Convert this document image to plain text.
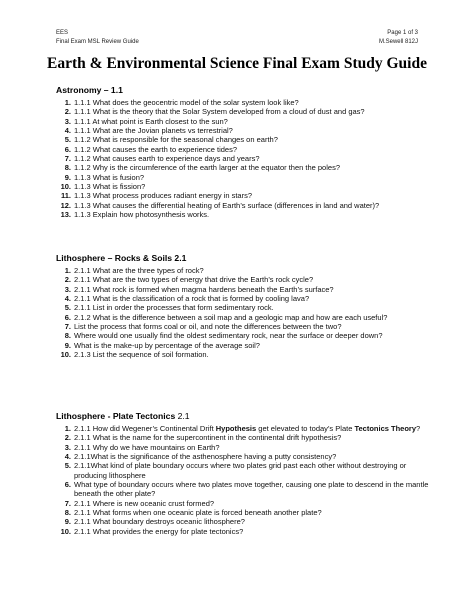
EES
Final Exam MSL Review Guide
Page 1 of 3
M.Sewell 812J
Earth & Environmental Science Final Exam Study Guide
Astronomy – 1.1
1. 1.1.1 What does the geocentric model of the solar system look like?
2. 1.1.1 What is the theory that the Solar System developed from a cloud of dust and gas?
3. 1.1.1 At what point is Earth closest to the sun?
4. 1.1.1 What are the Jovian planets vs terrestrial?
5. 1.1.2 What is responsible for the seasonal changes on earth?
6. 1.1.2 What causes the earth to experience tides?
7. 1.1.2 What causes earth to experience days and years?
8. 1.1.2 Why is the circumference of the earth larger at the equator then the poles?
9. 1.1.3 What is fusion?
10. 1.1.3 What is fission?
11. 1.1.3 What process produces radiant energy in stars?
12. 1.1.3 What causes the differential heating of Earth’s surface (differences in land and water)?
13. 1.1.3 Explain how photosynthesis works.
Lithosphere – Rocks & Soils 2.1
1. 2.1.1 What are the three types of rock?
2. 2.1.1 What are the two types of energy that drive the Earth’s rock cycle?
3. 2.1.1 What rock is formed when magma hardens beneath the Earth’s surface?
4. 2.1.1 What is the classification of a rock that is formed by cooling lava?
5. 2.1.1 List in order the processes that form sedimentary rock.
6. 2.1.2 What is the difference between a soil map and a geologic map and how are each useful?
7. List the process that forms coal or oil, and note the differences between the two?
8. Where would one usually find the oldest sedimentary rock, near the surface or deeper down?
9. What is the make-up by percentage of the average soil?
10. 2.1.3 List the sequence of soil formation.
Lithosphere - Plate Tectonics 2.1
1. 2.1.1 How did Wegener’s Continental Drift Hypothesis get elevated to today’s Plate Tectonics Theory?
2. 2.1.1 What is the name for the supercontinent in the continental drift hypothesis?
3. 2.1.1 Why do we have mountains on Earth?
4. 2.1.1What is the significance of the asthenosphere having a putty consistency?
5. 2.1.1What kind of plate boundary occurs where two plates grid past each other without destroying or producing lithosphere
6. What type of boundary occurs where two plates move together, causing one plate to descend in the mantle beneath the other plate?
7. 2.1.1 Where is new oceanic crust formed?
8. 2.1.1 What forms when one oceanic plate is forced beneath another plate?
9. 2.1.1 What boundary destroys oceanic lithosphere?
10. 2.1.1 What provides the energy for plate tectonics?
